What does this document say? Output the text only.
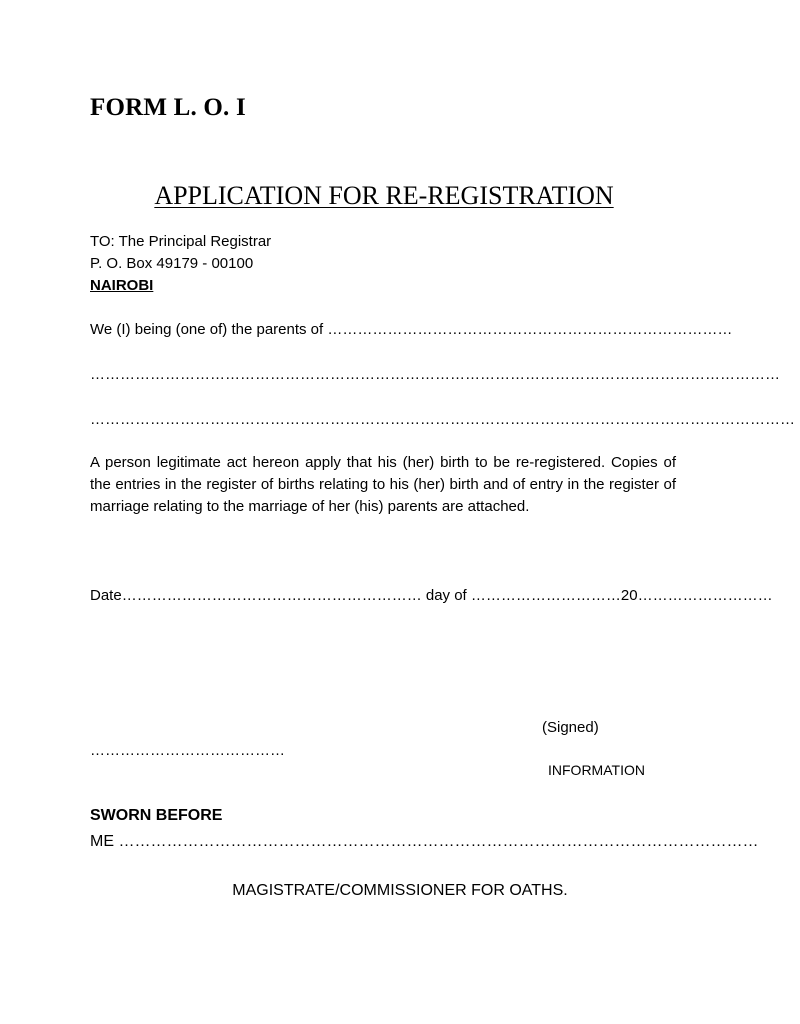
FORM L. O. I
APPLICATION FOR RE-REGISTRATION
TO: The Principal Registrar
P. O. Box 49179 - 00100
NAIROBI
We (I) being (one of) the parents of ………………………………………………………………………
…………………………………………………………………………………………………………………………
……………………………………………………………………………………………………………………………
A person legitimate act hereon apply that his (her) birth to be re-registered. Copies of the entries in the register of births relating to his (her) birth and of entry in the register of marriage relating to the marriage of her (his) parents are attached.
Date…………………………………………………… day of …………………………20………………………
(Signed)
…………………………………
INFORMATION
SWORN BEFORE
ME …………………………………………………………………………………………………………
MAGISTRATE/COMMISSIONER FOR OATHS.
